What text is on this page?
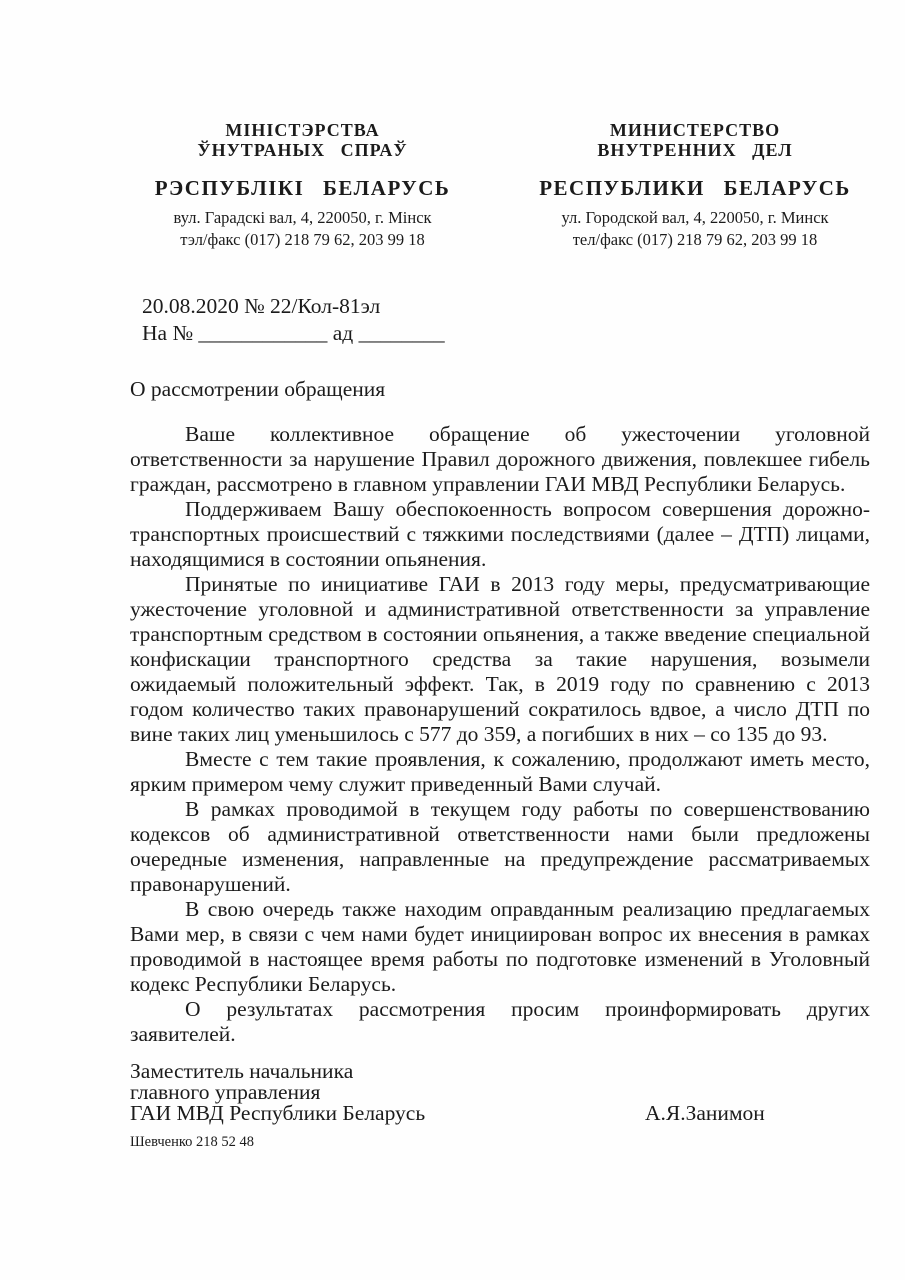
МІНІСТЭРСТВА
ЎНУТРАНЫХ СПРАЎ
РЭСПУБЛІКІ БЕЛАРУСЬ
вул. Гарадскі вал, 4, 220050, г. Мінск
тэл/факс (017) 218 79 62, 203 99 18
МИНИСТЕРСТВО
ВНУТРЕННИХ ДЕЛ
РЕСПУБЛИКИ БЕЛАРУСЬ
ул. Городской вал, 4, 220050, г. Минск
тел/факс (017) 218 79 62, 203 99 18
20.08.2020 № 22/Кол-81эл
На № ____________ ад ________
О рассмотрении обращения

Ваше коллективное обращение об ужесточении уголовной ответственности за нарушение Правил дорожного движения, повлекшее гибель граждан, рассмотрено в главном управлении ГАИ МВД Республики Беларусь.

Поддерживаем Вашу обеспокоенность вопросом совершения дорожно-транспортных происшествий с тяжкими последствиями (далее – ДТП) лицами, находящимися в состоянии опьянения.

Принятые по инициативе ГАИ в 2013 году меры, предусматривающие ужесточение уголовной и административной ответственности за управление транспортным средством в состоянии опьянения, а также введение специальной конфискации транспортного средства за такие нарушения, возымели ожидаемый положительный эффект. Так, в 2019 году по сравнению с 2013 годом количество таких правонарушений сократилось вдвое, а число ДТП по вине таких лиц уменьшилось с 577 до 359, а погибших в них – со 135 до 93.

Вместе с тем такие проявления, к сожалению, продолжают иметь место, ярким примером чему служит приведенный Вами случай.

В рамках проводимой в текущем году работы по совершенствованию кодексов об административной ответственности нами были предложены очередные изменения, направленные на предупреждение рассматриваемых правонарушений.

В свою очередь также находим оправданным реализацию предлагаемых Вами мер, в связи с чем нами будет инициирован вопрос их внесения в рамках проводимой в настоящее время работы по подготовке изменений в Уголовный кодекс Республики Беларусь.

О результатах рассмотрения просим проинформировать других заявителей.

Заместитель начальника
главного управления
ГАИ МВД Республики Беларусь	А.Я.Занимон
Шевченко 218 52 48
